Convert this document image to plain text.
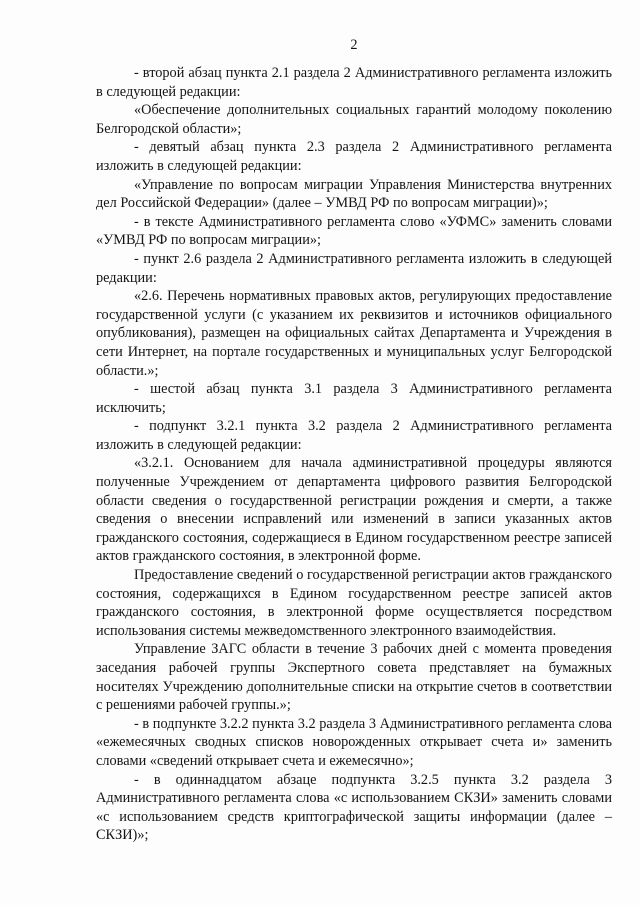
2

- второй абзац пункта 2.1 раздела 2 Административного регламента изложить в следующей редакции:

«Обеспечение дополнительных социальных гарантий молодому поколению Белгородской области»;

- девятый абзац пункта 2.3 раздела 2 Административного регламента изложить в следующей редакции:

«Управление по вопросам миграции Управления Министерства внутренних дел Российской Федерации» (далее – УМВД РФ по вопросам миграции)»;

- в тексте Административного регламента слово «УФМС» заменить словами «УМВД РФ по вопросам миграции»;

- пункт 2.6 раздела 2 Административного регламента изложить в следующей редакции:

«2.6. Перечень нормативных правовых актов, регулирующих предоставление государственной услуги (с указанием их реквизитов и источников официального опубликования), размещен на официальных сайтах Департамента и Учреждения в сети Интернет, на портале государственных и муниципальных услуг Белгородской области.»;

- шестой абзац пункта 3.1 раздела 3 Административного регламента исключить;

- подпункт 3.2.1 пункта 3.2 раздела 2 Административного регламента изложить в следующей редакции:

«3.2.1. Основанием для начала административной процедуры являются полученные Учреждением от департамента цифрового развития Белгородской области сведения о государственной регистрации рождения и смерти, а также сведения о внесении исправлений или изменений в записи указанных актов гражданского состояния, содержащиеся в Едином государственном реестре записей актов гражданского состояния, в электронной форме.

Предоставление сведений о государственной регистрации актов гражданского состояния, содержащихся в Едином государственном реестре записей актов гражданского состояния, в электронной форме осуществляется посредством использования системы межведомственного электронного взаимодействия.

Управление ЗАГС области в течение 3 рабочих дней с момента проведения заседания рабочей группы Экспертного совета представляет на бумажных носителях Учреждению дополнительные списки на открытие счетов в соответствии с решениями рабочей группы.»;

- в подпункте 3.2.2 пункта 3.2 раздела 3 Административного регламента слова «ежемесячных сводных списков новорожденных открывает счета и» заменить словами «сведений открывает счета и ежемесячно»;

- в одиннадцатом абзаце подпункта 3.2.5 пункта 3.2 раздела 3 Административного регламента слова «с использованием СКЗИ» заменить словами «с использованием средств криптографической защиты информации (далее – СКЗИ)»;
